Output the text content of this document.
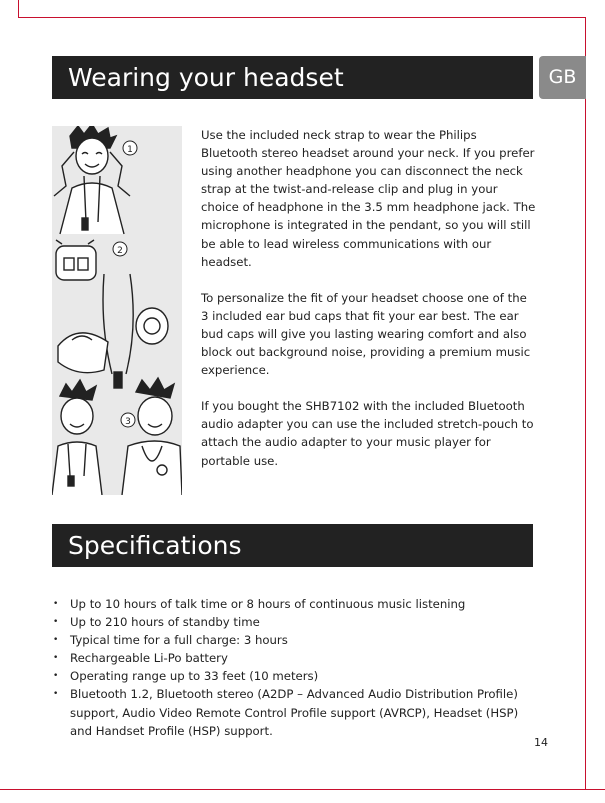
Wearing your headset	GB
1
2
3

Use the included neck strap to wear the Philips Bluetooth stereo headset around your neck. If you prefer using another headphone you can disconnect the neck strap at the twist-and-release clip and plug in your choice of headphone in the 3.5 mm headphone jack. The microphone is integrated in the pendant, so you will still be able to lead wireless communications with our headset.

To personalize the fit of your headset choose one of the 3 included ear bud caps that fit your ear best. The ear bud caps will give you lasting wearing comfort and also block out background noise, providing a premium music experience.

If you bought the SHB7102 with the included Bluetooth audio adapter you can use the included stretch-pouch to attach the audio adapter to your music player for portable use.

Specifications
• Up to 10 hours of talk time or 8 hours of continuous music listening
• Up to 210 hours of standby time
• Typical time for a full charge: 3 hours
• Rechargeable Li-Po battery
• Operating range up to 33 feet (10 meters)
• Bluetooth 1.2, Bluetooth stereo (A2DP – Advanced Audio Distribution Profile) support, Audio Video Remote Control Profile support (AVRCP), Headset (HSP) and Handset Profile (HSP) support.
14
